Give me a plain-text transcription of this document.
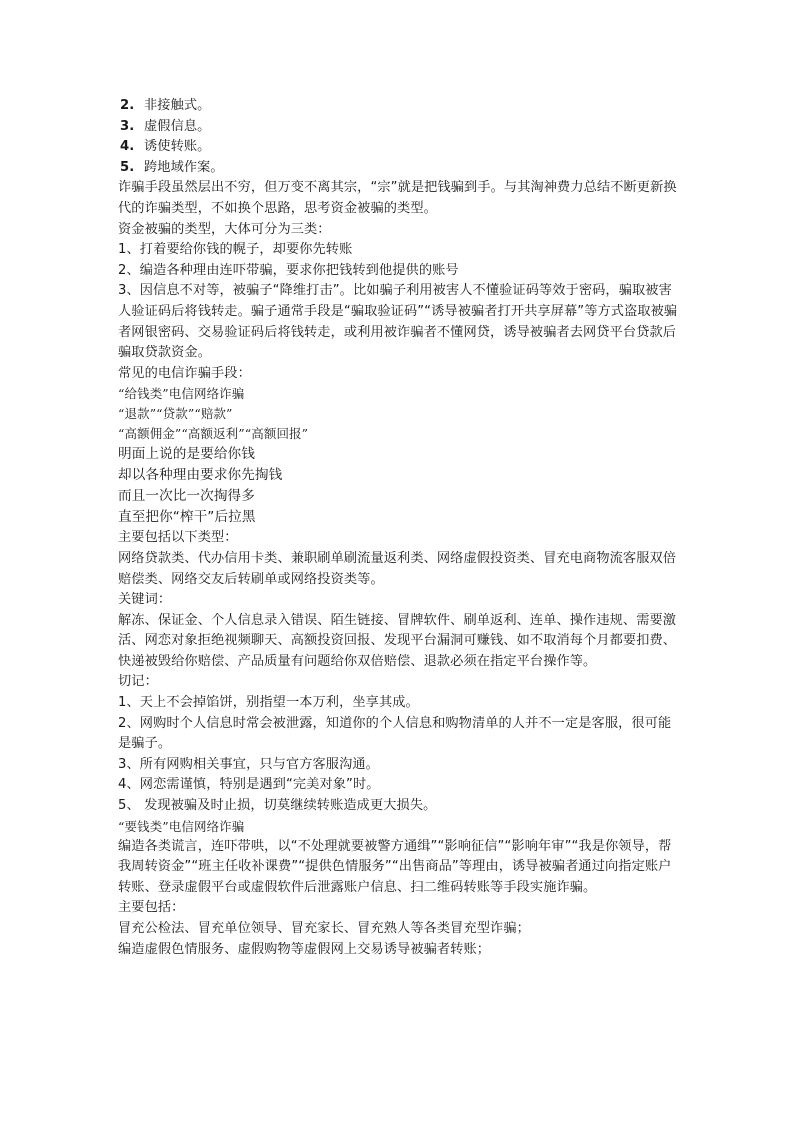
2. 非接触式。
3. 虚假信息。
4. 诱使转账。
5. 跨地域作案。

诈骗手段虽然层出不穷，但万变不离其宗，“宗”就是把钱骗到手。与其淘神费力总结不断更新换代的诈骗类型，不如换个思路，思考资金被骗的类型。

资金被骗的类型，大体可分为三类：

1、打着要给你钱的幌子，却要你先转账

2、编造各种理由连吓带骗，要求你把钱转到他提供的账号

3、因信息不对等，被骗子“降维打击”。比如骗子利用被害人不懂验证码等效于密码，骗取被害人验证码后将钱转走。骗子通常手段是“骗取验证码”“诱导被骗者打开共享屏幕”等方式盗取被骗者网银密码、交易验证码后将钱转走，或利用被诈骗者不懂网贷，诱导被骗者去网贷平台贷款后骗取贷款资金。

常见的电信诈骗手段：

“给钱类”电信网络诈骗

“退款”“贷款”“赔款”

“高额佣金”“高额返利”“高额回报”

明面上说的是要给你钱

却以各种理由要求你先掏钱

而且一次比一次掏得多

直至把你“榨干”后拉黑

主要包括以下类型：

网络贷款类、代办信用卡类、兼职刷单刷流量返利类、网络虚假投资类、冒充电商物流客服双倍赔偿类、网络交友后转刷单或网络投资类等。

关键词：

解冻、保证金、个人信息录入错误、陌生链接、冒牌软件、刷单返利、连单、操作违规、需要激活、网恋对象拒绝视频聊天、高额投资回报、发现平台漏洞可赚钱、如不取消每个月都要扣费、快递被毁给你赔偿、产品质量有问题给你双倍赔偿、退款必须在指定平台操作等。

切记：

1、天上不会掉馅饼，别指望一本万利，坐享其成。

2、网购时个人信息时常会被泄露，知道你的个人信息和购物清单的人并不一定是客服，很可能是骗子。

3、所有网购相关事宜，只与官方客服沟通。

4、网恋需谨慎，特别是遇到“完美对象”时。

5、 发现被骗及时止损，切莫继续转账造成更大损失。

“要钱类”电信网络诈骗

编造各类谎言，连吓带哄，以“不处理就要被警方通缉”“影响征信”“影响年审”“我是你领导，帮我周转资金”“班主任收补课费”“提供色情服务”“出售商品”等理由，诱导被骗者通过向指定账户转账、登录虚假平台或虚假软件后泄露账户信息、扫二维码转账等手段实施诈骗。

主要包括：

冒充公检法、冒充单位领导、冒充家长、冒充熟人等各类冒充型诈骗；

编造虚假色情服务、虚假购物等虚假网上交易诱导被骗者转账；
